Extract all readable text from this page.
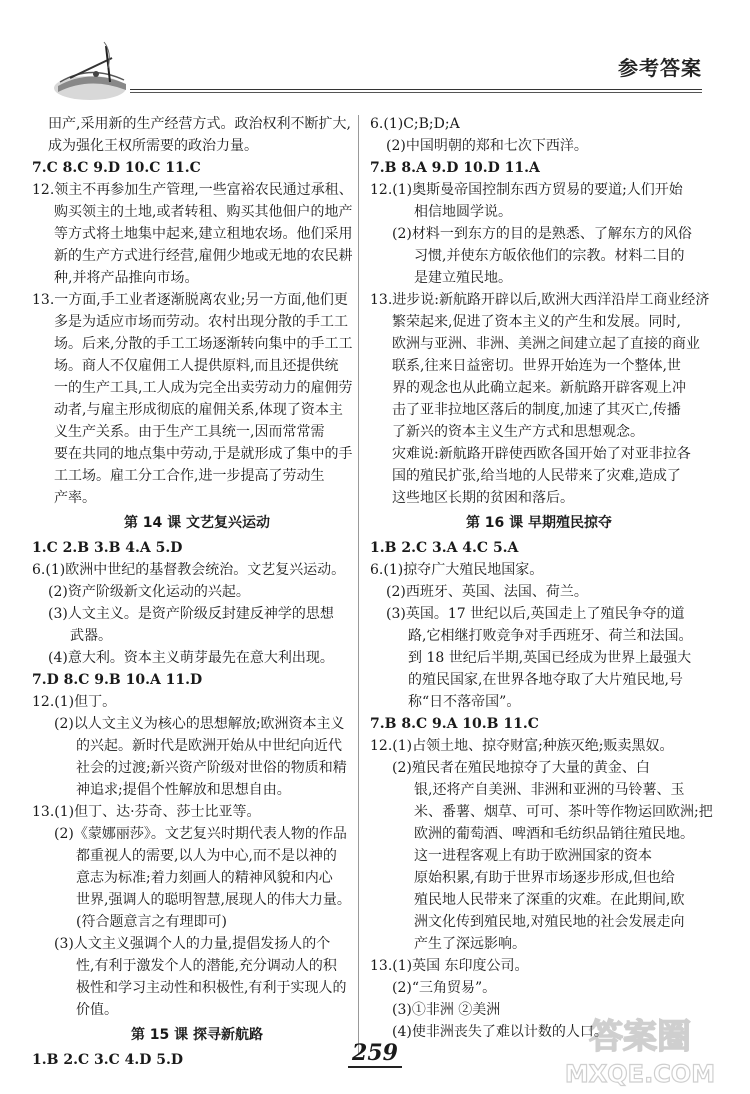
参考答案
田产,采用新的生产经营方式。政治权利不断扩大,
成为强化王权所需要的政治力量。
7.C 8.C 9.D 10.C 11.C
12.领主不再参加生产管理,一些富裕农民通过承租、
购买领主的土地,或者转租、购买其他佃户的地产
等方式将土地集中起来,建立租地农场。他们采用
新的生产方式进行经营,雇佣少地或无地的农民耕
种,并将产品推向市场。
13.一方面,手工业者逐渐脱离农业;另一方面,他们更
多是为适应市场而劳动。农村出现分散的手工工
场。后来,分散的手工工场逐渐转向集中的手工工
场。商人不仅雇佣工人提供原料,而且还提供统
一的生产工具,工人成为完全出卖劳动力的雇佣劳
动者,与雇主形成彻底的雇佣关系,体现了资本主
义生产关系。由于生产工具统一,因而常常需
要在共同的地点集中劳动,于是就形成了集中的手
工工场。雇工分工合作,进一步提高了劳动生
产率。
第 14 课 文艺复兴运动
1.C 2.B 3.B 4.A 5.D
6.(1)欧洲中世纪的基督教会统治。文艺复兴运动。
(2)资产阶级新文化运动的兴起。
(3)人文主义。是资产阶级反封建反神学的思想
武器。
(4)意大利。资本主义萌芽最先在意大利出现。
7.D 8.C 9.B 10.A 11.D
12.(1)但丁。
(2)以人文主义为核心的思想解放;欧洲资本主义
的兴起。新时代是欧洲开始从中世纪向近代
社会的过渡;新兴资产阶级对世俗的物质和精
神追求;提倡个性解放和思想自由。
13.(1)但丁、达·芬奇、莎士比亚等。
(2)《蒙娜丽莎》。文艺复兴时期代表人物的作品
都重视人的需要,以人为中心,而不是以神的
意志为标准;着力刻画人的精神风貌和内心
世界,强调人的聪明智慧,展现人的伟大力量。
(符合题意言之有理即可)
(3)人文主义强调个人的力量,提倡发扬人的个
性,有利于激发个人的潜能,充分调动人的积
极性和学习主动性和积极性,有利于实现人的
价值。
第 15 课 探寻新航路
1.B 2.C 3.C 4.D 5.D
6.(1)C;B;D;A
(2)中国明朝的郑和七次下西洋。
7.B 8.A 9.D 10.D 11.A
12.(1)奥斯曼帝国控制东西方贸易的要道;人们开始
相信地圆学说。
(2)材料一到东方的目的是熟悉、了解东方的风俗
习惯,并使东方皈依他们的宗教。材料二目的
是建立殖民地。
13.进步说:新航路开辟以后,欧洲大西洋沿岸工商业经济
繁荣起来,促进了资本主义的产生和发展。同时,
欧洲与亚洲、非洲、美洲之间建立起了直接的商业
联系,往来日益密切。世界开始连为一个整体,世
界的观念也从此确立起来。新航路开辟客观上冲
击了亚非拉地区落后的制度,加速了其灭亡,传播
了新兴的资本主义生产方式和思想观念。
灾难说:新航路开辟使西欧各国开始了对亚非拉各
国的殖民扩张,给当地的人民带来了灾难,造成了
这些地区长期的贫困和落后。
第 16 课 早期殖民掠夺
1.B 2.C 3.A 4.C 5.A
6.(1)掠夺广大殖民地国家。
(2)西班牙、英国、法国、荷兰。
(3)英国。17 世纪以后,英国走上了殖民争夺的道
路,它相继打败竞争对手西班牙、荷兰和法国。
到 18 世纪后半期,英国已经成为世界上最强大
的殖民国家,在世界各地夺取了大片殖民地,号
称“日不落帝国”。
7.B 8.C 9.A 10.B 11.C
12.(1)占领土地、掠夺财富;种族灭绝;贩卖黑奴。
(2)殖民者在殖民地掠夺了大量的黄金、白
银,还将产自美洲、非洲和亚洲的马铃薯、玉
米、番薯、烟草、可可、茶叶等作物运回欧洲;把
欧洲的葡萄酒、啤酒和毛纺织品销往殖民地。
这一进程客观上有助于欧洲国家的资本
原始积累,有助于世界市场逐步形成,但也给
殖民地人民带来了深重的灾难。在此期间,欧
洲文化传到殖民地,对殖民地的社会发展走向
产生了深远影响。
13.(1)英国 东印度公司。
(2)“三角贸易”。
(3)①非洲 ②美洲
(4)使非洲丧失了难以计数的人口。
259	答案圈
MXQE.COM
